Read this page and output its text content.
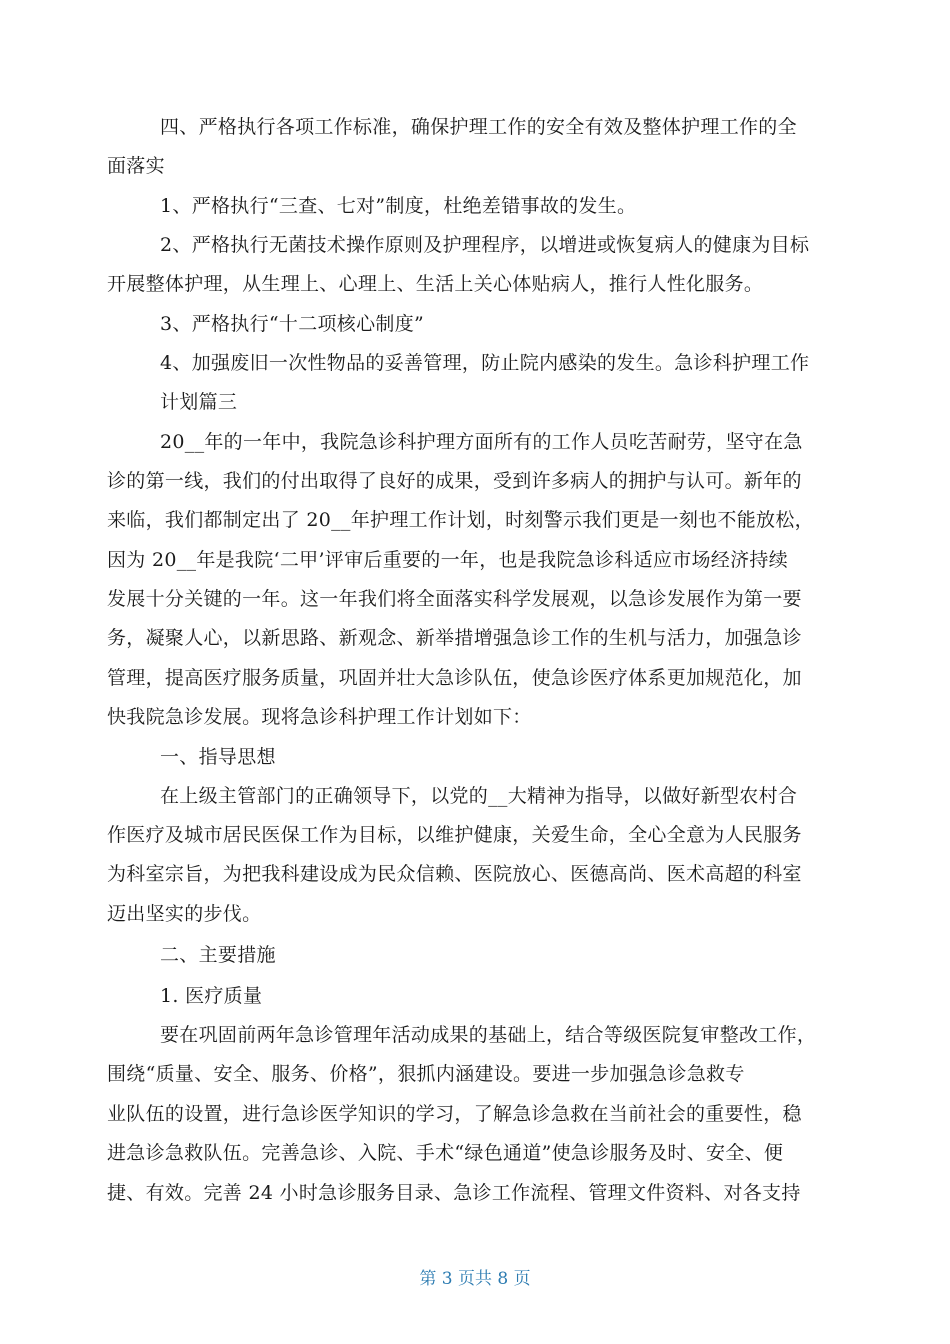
四、严格执行各项工作标准，确保护理工作的安全有效及整体护理工作的全
面落实
1、严格执行“三查、七对”制度，杜绝差错事故的发生。
2、严格执行无菌技术操作原则及护理程序，以增进或恢复病人的健康为目标
开展整体护理，从生理上、心理上、生活上关心体贴病人，推行人性化服务。
3、严格执行“十二项核心制度”
4、加强废旧一次性物品的妥善管理，防止院内感染的发生。急诊科护理工作
计划篇三
20__年的一年中，我院急诊科护理方面所有的工作人员吃苦耐劳，坚守在急
诊的第一线，我们的付出取得了良好的成果，受到许多病人的拥护与认可。新年的
来临，我们都制定出了 20__年护理工作计划，时刻警示我们更是一刻也不能放松，
因为 20__年是我院‘二甲’评审后重要的一年，也是我院急诊科适应市场经济持续
发展十分关键的一年。这一年我们将全面落实科学发展观，以急诊发展作为第一要
务，凝聚人心，以新思路、新观念、新举措增强急诊工作的生机与活力，加强急诊
管理，提高医疗服务质量，巩固并壮大急诊队伍，使急诊医疗体系更加规范化，加
快我院急诊发展。现将急诊科护理工作计划如下：
一、指导思想
在上级主管部门的正确领导下，以党的__大精神为指导，以做好新型农村合
作医疗及城市居民医保工作为目标，以维护健康，关爱生命，全心全意为人民服务
为科室宗旨，为把我科建设成为民众信赖、医院放心、医德高尚、医术高超的科室
迈出坚实的步伐。
二、主要措施
1. 医疗质量
要在巩固前两年急诊管理年活动成果的基础上，结合等级医院复审整改工作，
围绕“质量、安全、服务、价格”，狠抓内涵建设。要进一步加强急诊急救专
业队伍的设置，进行急诊医学知识的学习，了解急诊急救在当前社会的重要性，稳
进急诊急救队伍。完善急诊、入院、手术“绿色通道”使急诊服务及时、安全、便
捷、有效。完善 24 小时急诊服务目录、急诊工作流程、管理文件资料、对各支持
第 3 页共 8 页
